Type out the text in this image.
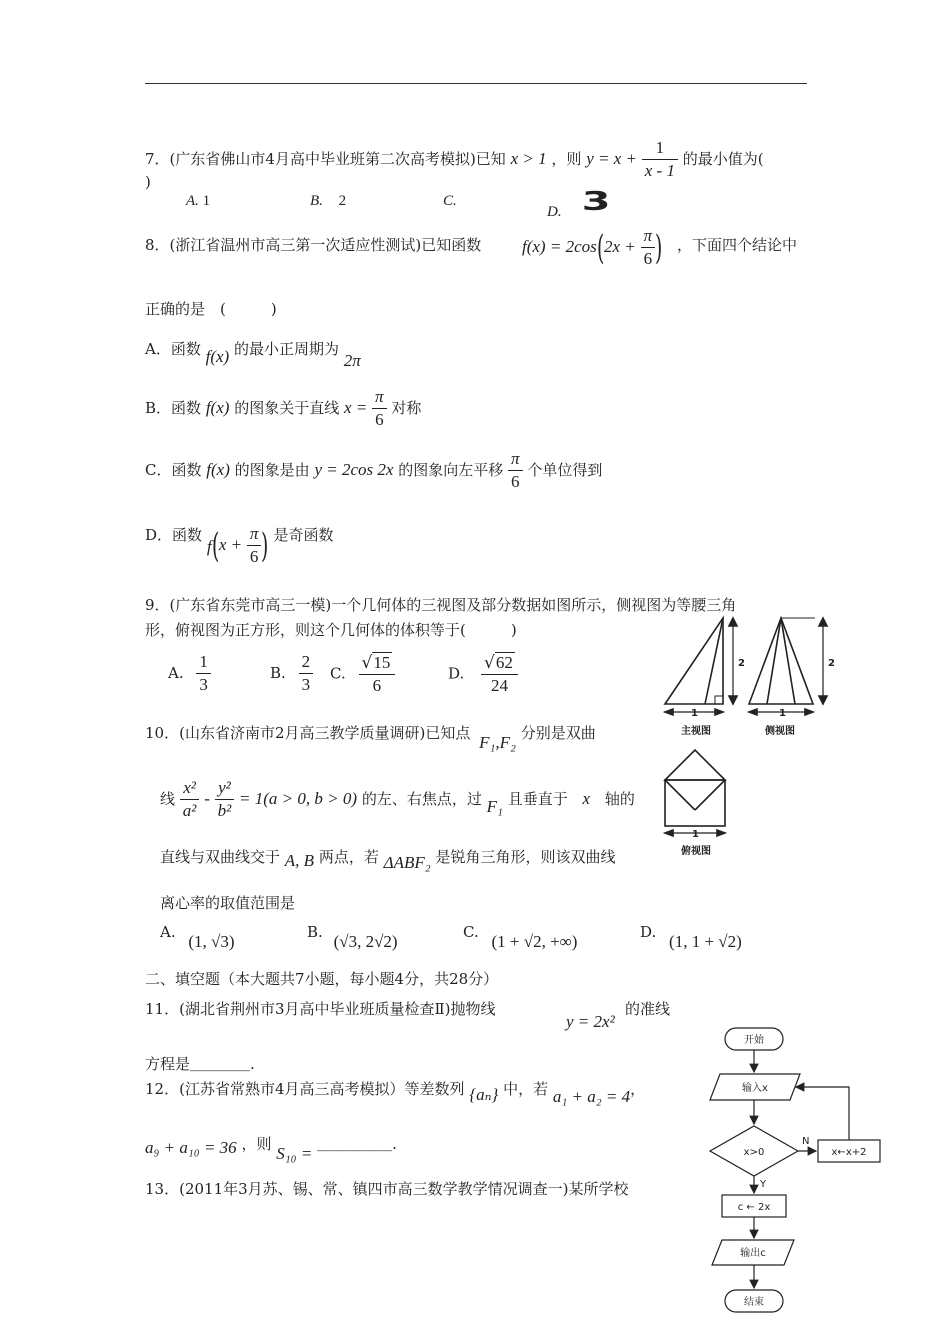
7．(广东省佛山市4月高中毕业班第二次高考模拟)已知 x > 1 ，则 $y = x + \frac{1}{x - 1}$ 的最小值为(
)
A. 1	B. 2	C.
D. 3
8．(浙江省温州市高三第一次适应性测试)已知函数 $f(x) = 2\cos(2x + \frac{\pi}{6}$ ) ，下面四个结论中
正确的是　(　　　)
A．函数 f(x) 的最小正周期为 2π
B．函数 f(x) 的图象关于直线 $x = \frac{\pi}{6}$ 对称
C．函数 f(x) 的图象是由 y = 2cos 2x 的图象向左平移 $\frac{\pi}{6}$ 个单位得到
D．函数 $f(x + \frac{\pi}{6}$ ) 是奇函数
9．(广东省东莞市高三一模)一个几何体的三视图及部分数据如图所示，侧视图为等腰三角
形，俯视图为正方形，则这个几何体的体积等于(　　　)
A. $\frac{1}{3}$	B. $\frac{2}{3} C$. $\frac{√15}{6}$	D. $\frac{√62}{24}$	2
1
主视图
2
1
侧视图
1
俯视图
10．(山东省济南市2月高三教学质量调研)已知点 F₁,F₂ 分别是双曲
线 $\frac{\text{x²}}{\text{a²}} - \frac{\text{y²}}{\text{b²}} = 1(a > 0$, b > 0) 的左、右焦点，过 F₁ 且垂直于 x 轴的
直线与双曲线交于 A, B 两点，若 ΔABF₂ 是锐角三角形，则该双曲线
离心率的取值范围是
A. (1, √3)	B. (√3, 2√2)	C. (1 + √2, +∞)	D. (1, 1 + √2)
二、填空题（本大题共7小题，每小题4分，共28分）
11．(湖北省荆州市3月高中毕业班质量检查Ⅱ)抛物线
y = 2x²
的准线
方程是＿＿＿＿.
12．(江苏省常熟市4月高三高考模拟）等差数列 {aₙ} 中，若 a₁ + a₂ = 4，
a₉ + a₁₀ = 36 ，则 S₁₀ = ＿＿＿＿＿.
13．(2011年3月苏、锡、常、镇四市高三数学教学情况调查一)某所学校
开始
输入x
x>0
N
x←x+2
Y
c ← 2x
输出c
结束
